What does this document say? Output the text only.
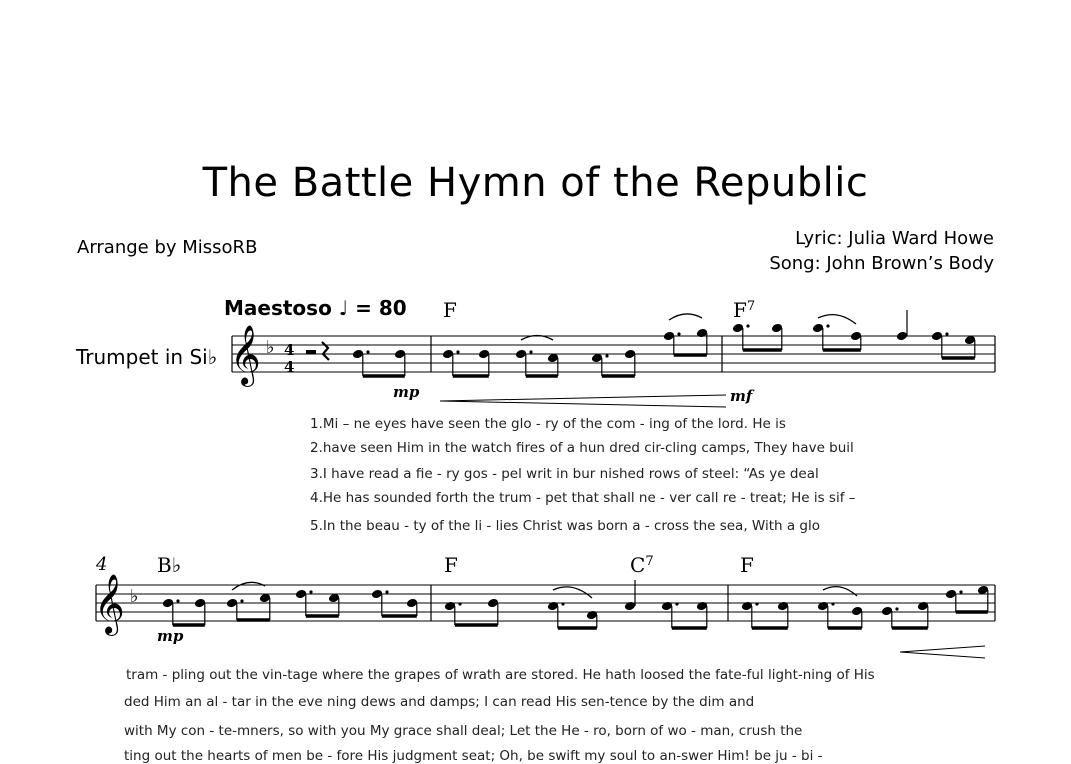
The Battle Hymn of the Republic
Arrange by MissoRB	Lyric: Julia Ward Howe
Song: John Brown’s Body
Trumpet in Si♭
Maestoso ♩ = 80 F	$F^7$
mp	mf
1.Mi – ne eyes have seen the glo - ry of the com - ing of the lord. He is
2.have seen Him in the watch fires of a hun dred cir-cling camps, They have buil
3.I have read a fie - ry gos - pel writ in bur nished rows of steel: “As ye deal
4.He has sounded forth the trum - pet that shall ne - ver call re - treat; He is sif –
5.In the beau - ty of the li - lies Christ was born a - cross the sea, With a glo
4 B♭	F	$C^7$	F
mp
tram - pling out the vin-tage where the grapes of wrath are stored. He hath loosed the fate-ful light-ning of His
ded Him an al - tar in the eve ning dews and damps; I can read His sen-tence by the dim and
with My con - te-mners, so with you My grace shall deal; Let the He - ro, born of wo - man, crush the
ting out the hearts of men be - fore His judgment seat; Oh, be swift my soul to an-swer Him! be ju - bi -
𝄞 ♭ 4
4
𝄞 ♭
